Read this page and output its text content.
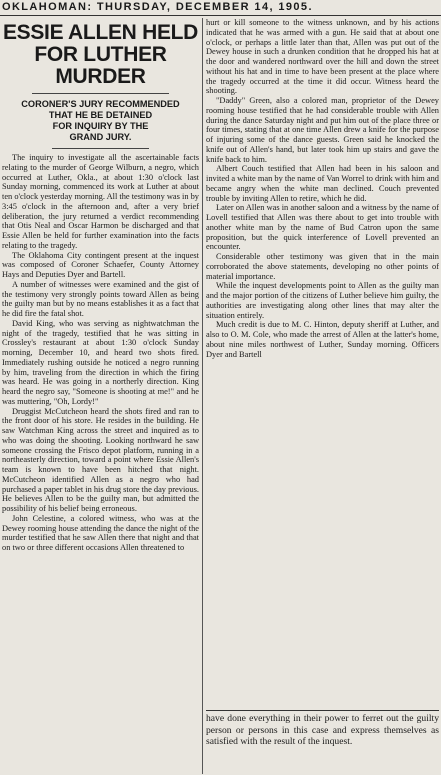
OKLAHOMAN: THURSDAY, DECEMBER 14, 1905.
ESSIE ALLEN HELD
FOR LUTHER MURDER
CORONER'S JURY RECOMMENDED
THAT HE BE DETAINED
FOR INQUIRY BY THE
GRAND JURY.

The inquiry to investigate all the ascertainable facts relating to the murder of George Wilburn, a negro, which occurred at Luther, Okla., at about 1:30 o'clock last Sunday morning, commenced its work at Luther at about ten o'clock yesterday morning. All the testimony was in by 3:45 o'clock in the afternoon and, after a very brief deliberation, the jury returned a verdict recommending that Otis Neal and Oscar Harmon be discharged and that Essie Allen be held for further examination into the facts relating to the tragedy.

The Oklahoma City contingent present at the inquest was composed of Coroner Schaefer, County Attorney Hays and Deputies Dyer and Bartell.

A number of witnesses were examined and the gist of the testimony very strongly points toward Allen as being the guilty man but by no means establishes it as a fact that he did fire the fatal shot.

David King, who was serving as nightwatchman the night of the tragedy, testified that he was sitting in Crossley's restaurant at about 1:30 o'clock Sunday morning, December 10, and heard two shots fired. Immediately rushing outside he noticed a negro running by him, traveling from the direction in which the firing was heard. He was going in a northerly direction. King heard the negro say, "Someone is shooting at me!" and he was muttering, "Oh, Lordy!"

Druggist McCutcheon heard the shots fired and ran to the front door of his store. He resides in the building. He saw Watchman King across the street and inquired as to who was doing the shooting. Looking northward he saw someone crossing the Frisco depot platform, running in a northeasterly direction, toward a point where Essie Allen's team is known to have been hitched that night. McCutcheon identified Allen as a negro who had purchased a paper tablet in his drug store the day previous. He believes Allen to be the guilty man, but admitted the possibility of his belief being erroneous.

John Celestine, a colored witness, who was at the Dewey rooming house attending the dance the night of the murder testified that he saw Allen there that night and that on two or three different occasions Allen threatened to

hurt or kill someone to the witness unknown, and by his actions indicated that he was armed with a gun. He said that at about one o'clock, or perhaps a little later than that, Allen was put out of the Dewey house in such a drunken condition that he dropped his hat at the door and wandered northward over the hill and down the street without his hat and in time to have been present at the place where the tragedy occurred at the time it did occur. Witness heard the shooting.

"Daddy" Green, also a colored man, proprietor of the Dewey rooming house testified that he had considerable trouble with Allen during the dance Saturday night and put him out of the place three or four times, stating that at one time Allen drew a knife for the purpose of injuring some of the dance guests. Green said he knocked the knife out of Allen's hand, but later took him up stairs and gave the knife back to him.

Albert Couch testified that Allen had been in his saloon and invited a white man by the name of Van Worrel to drink with him and became angry when the white man declined. Couch prevented trouble by inviting Allen to retire, which he did.

Later on Allen was in another saloon and a witness by the name of Lovell testified that Allen was there about to get into trouble with another white man by the name of Bud Catron upon the same proposition, but the quick interference of Lovell prevented an encounter.

Considerable other testimony was given that in the main corroborated the above statements, developing no other points of material importance.

While the inquest developments point to Allen as the guilty man and the major portion of the citizens of Luther believe him guilty, the authorities are investigating along other lines that may alter the situation entirely.

Much credit is due to M. C. Hinton, deputy sheriff at Luther, and also to O. M. Cole, who made the arrest of Allen at the latter's home, about nine miles northwest of Luther, Sunday morning. Officers Dyer and Bartell

have done everything in their power to ferret out the guilty person or persons in this case and express themselves as satisfied with the result of the inquest.
